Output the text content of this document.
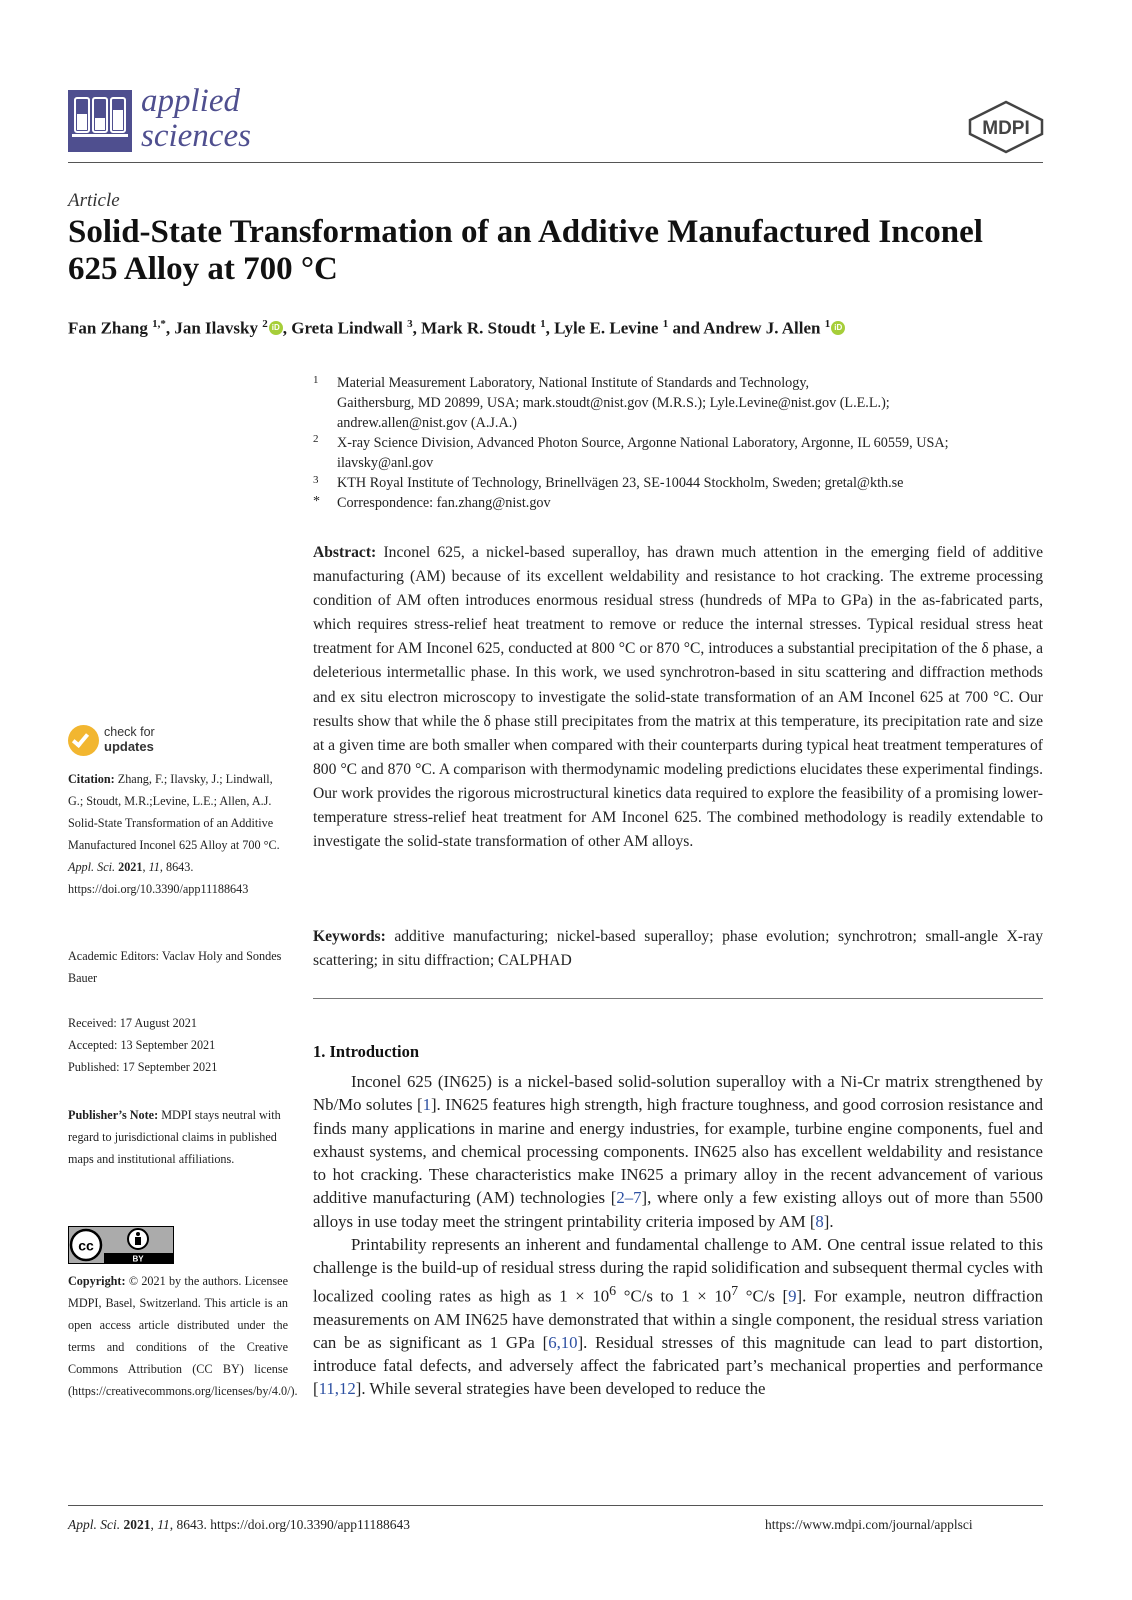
applied
sciences	MDPI
Article
Solid-State Transformation of an Additive Manufactured Inconel 625 Alloy at 700 °C
Fan Zhang $^{1,*}$, Jan Ilavsky $^2$ iD , Greta Lindwall $^3$, Mark R. Stoudt $^1$, Lyle E. Levine $^1$ and Andrew J. Allen $^1$ iD
1 Material Measurement Laboratory, National Institute of Standards and Technology,
Gaithersburg, MD 20899, USA; mark.stoudt@nist.gov (M.R.S.); Lyle.Levine@nist.gov (L.E.L.);
andrew.allen@nist.gov (A.J.A.)
2 X-ray Science Division, Advanced Photon Source, Argonne National Laboratory, Argonne, IL 60559, USA;
ilavsky@anl.gov
3 KTH Royal Institute of Technology, Brinellvägen 23, SE-10044 Stockholm, Sweden; gretal@kth.se
* Correspondence: fan.zhang@nist.gov
Abstract: Inconel 625, a nickel-based superalloy, has drawn much attention in the emerging field of additive manufacturing (AM) because of its excellent weldability and resistance to hot cracking. The extreme processing condition of AM often introduces enormous residual stress (hundreds of MPa to GPa) in the as-fabricated parts, which requires stress-relief heat treatment to remove or reduce the internal stresses. Typical residual stress heat treatment for AM Inconel 625, conducted at 800 °C or 870 °C, introduces a substantial precipitation of the δ phase, a deleterious intermetallic phase. In this work, we used synchrotron-based in situ scattering and diffraction methods and ex situ electron microscopy to investigate the solid-state transformation of an AM Inconel 625 at 700 °C. Our results show that while the δ phase still precipitates from the matrix at this temperature, its precipitation rate and size at a given time are both smaller when compared with their counterparts during typical heat treatment temperatures of 800 °C and 870 °C. A comparison with thermodynamic modeling predictions elucidates these experimental findings. Our work provides the rigorous microstructural kinetics data required to explore the feasibility of a promising lower-temperature stress-relief heat treatment for AM Inconel 625. The combined methodology is readily extendable to investigate the solid-state transformation of other AM alloys.
Keywords: additive manufacturing; nickel-based superalloy; phase evolution; synchrotron; small-angle X-ray scattering; in situ diffraction; CALPHAD
1. Introduction

Inconel 625 (IN625) is a nickel-based solid-solution superalloy with a Ni-Cr matrix strengthened by Nb/Mo solutes [1]. IN625 features high strength, high fracture toughness, and good corrosion resistance and finds many applications in marine and energy industries, for example, turbine engine components, fuel and exhaust systems, and chemical processing components. IN625 also has excellent weldability and resistance to hot cracking. These characteristics make IN625 a primary alloy in the recent advancement of various additive manufacturing (AM) technologies [2–7], where only a few existing alloys out of more than 5500 alloys in use today meet the stringent printability criteria imposed by AM [8].

Printability represents an inherent and fundamental challenge to AM. One central issue related to this challenge is the build-up of residual stress during the rapid solidification and subsequent thermal cycles with localized cooling rates as high as $1 \times 10^6$ °C/s to $1 \times 10^7$ °C/s [9]. For example, neutron diffraction measurements on AM IN625 have demonstrated that within a single component, the residual stress variation can be as significant as 1 GPa [6,10]. Residual stresses of this magnitude can lead to part distortion, introduce fatal defects, and adversely affect the fabricated part’s mechanical properties and performance [11,12]. While several strategies have been developed to reduce the

check for
updates
Citation: Zhang, F.; Ilavsky, J.; Lindwall, G.; Stoudt, M.R.;Levine, L.E.; Allen, A.J. Solid-State Transformation of an Additive Manufactured Inconel 625 Alloy at 700 °C. Appl. Sci. 2021, 11, 8643. https://doi.org/10.3390/app11188643
Academic Editors: Vaclav Holy and Sondes Bauer
Received: 17 August 2021
Accepted: 13 September 2021
Published: 17 September 2021
Publisher’s Note: MDPI stays neutral with regard to jurisdictional claims in published maps and institutional affiliations.
cc
BY
Copyright: © 2021 by the authors. Licensee MDPI, Basel, Switzerland. This article is an open access article distributed under the terms and conditions of the Creative Commons Attribution (CC BY) license (https://creativecommons.org/licenses/by/4.0/).
Appl. Sci. 2021, 11, 8643. https://doi.org/10.3390/app11188643	https://www.mdpi.com/journal/applsci
